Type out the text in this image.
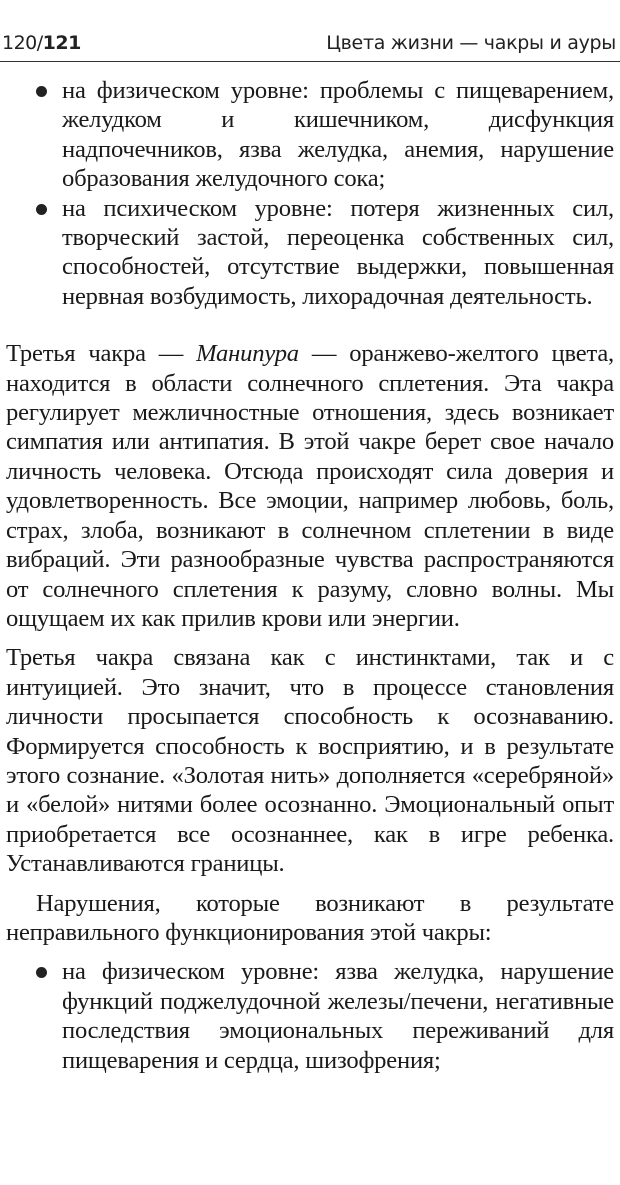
120/121	Цвета жизни — чакры и ауры
на физическом уровне: проблемы с пищеварением, желудком и кишечником, дисфункция надпочечников, язва желудка, анемия, нарушение образования желудочного сока;
на психическом уровне: потеря жизненных сил, творческий застой, переоценка собственных сил, способностей, отсутствие выдержки, повышенная нервная возбудимость, лихорадочная деятельность.

Третья чакра — Манипура — оранжево-желтого цвета, находится в области солнечного сплетения. Эта чакра регулирует межличностные отношения, здесь возникает симпатия или антипатия. В этой чакре берет свое начало личность человека. Отсюда происходят сила доверия и удовлетворенность. Все эмоции, например любовь, боль, страх, злоба, возникают в солнечном сплетении в виде вибраций. Эти разнообразные чувства распространяются от солнечного сплетения к разуму, словно волны. Мы ощущаем их как прилив крови или энергии.

Третья чакра связана как с инстинктами, так и с интуицией. Это значит, что в процессе становления личности просыпается способность к осознаванию. Формируется способность к восприятию, и в результате этого сознание. «Золотая нить» дополняется «серебряной» и «белой» нитями более осознанно. Эмоциональный опыт приобретается все осознаннее, как в игре ребенка. Устанавливаются границы.

Нарушения, которые возникают в результате неправильного функционирования этой чакры:

на физическом уровне: язва желудка, нарушение функций поджелудочной железы/печени, негативные последствия эмоциональных переживаний для пищеварения и сердца, шизофрения;
